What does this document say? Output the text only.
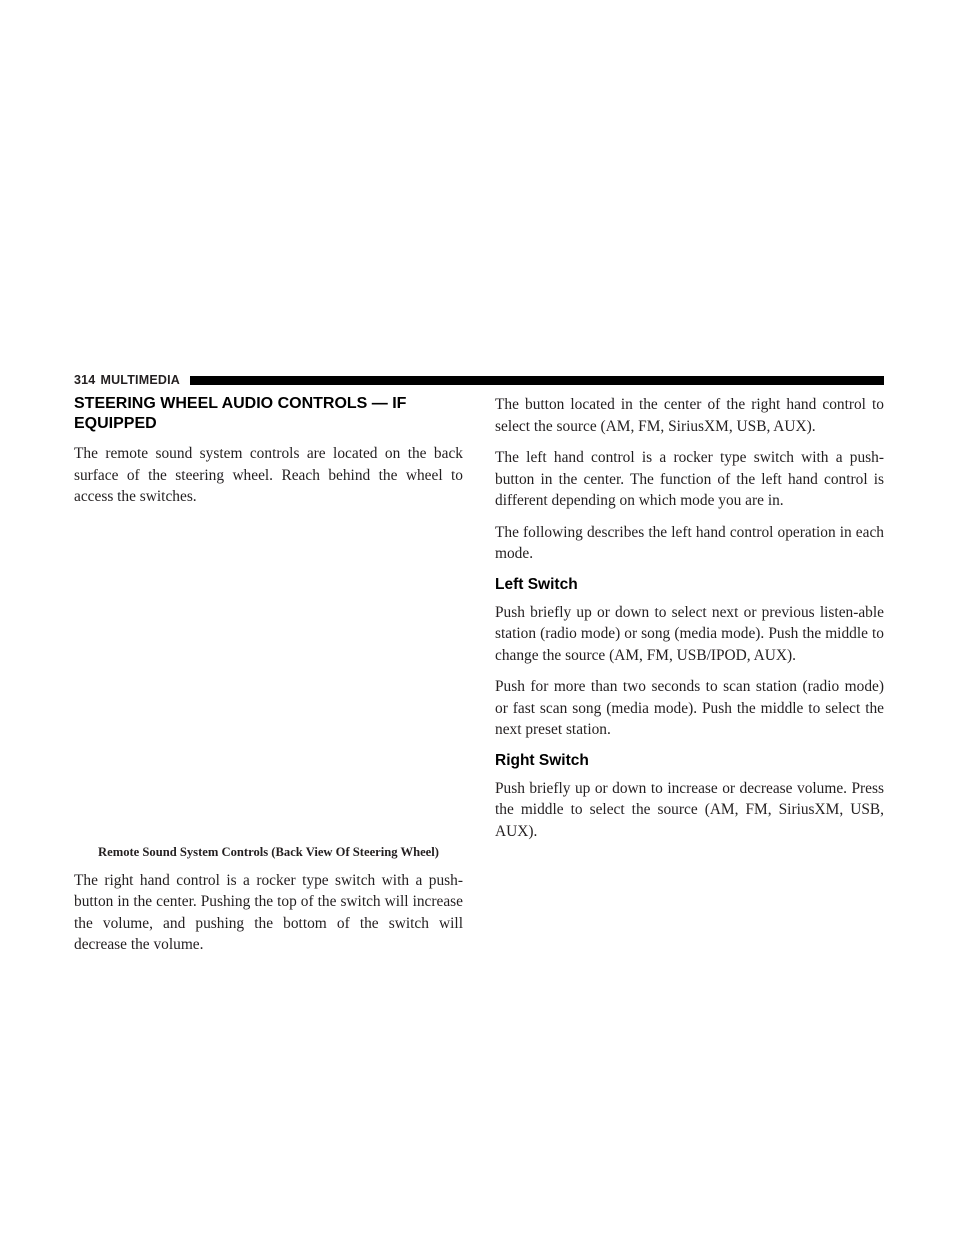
314 MULTIMEDIA
STEERING WHEEL AUDIO CONTROLS — IF EQUIPPED

The remote sound system controls are located on the back surface of the steering wheel. Reach behind the wheel to access the switches.

Remote Sound System Controls (Back View Of Steering Wheel)

The right hand control is a rocker type switch with a push-button in the center. Pushing the top of the switch will increase the volume, and pushing the bottom of the switch will decrease the volume.

The button located in the center of the right hand control to select the source (AM, FM, SiriusXM, USB, AUX).

The left hand control is a rocker type switch with a push-button in the center. The function of the left hand control is different depending on which mode you are in.

The following describes the left hand control operation in each mode.

Left Switch

Push briefly up or down to select next or previous listen-able station (radio mode) or song (media mode). Push the middle to change the source (AM, FM, USB/IPOD, AUX).

Push for more than two seconds to scan station (radio mode) or fast scan song (media mode). Push the middle to select the next preset station.

Right Switch

Push briefly up or down to increase or decrease volume. Press the middle to select the source (AM, FM, SiriusXM, USB, AUX).
